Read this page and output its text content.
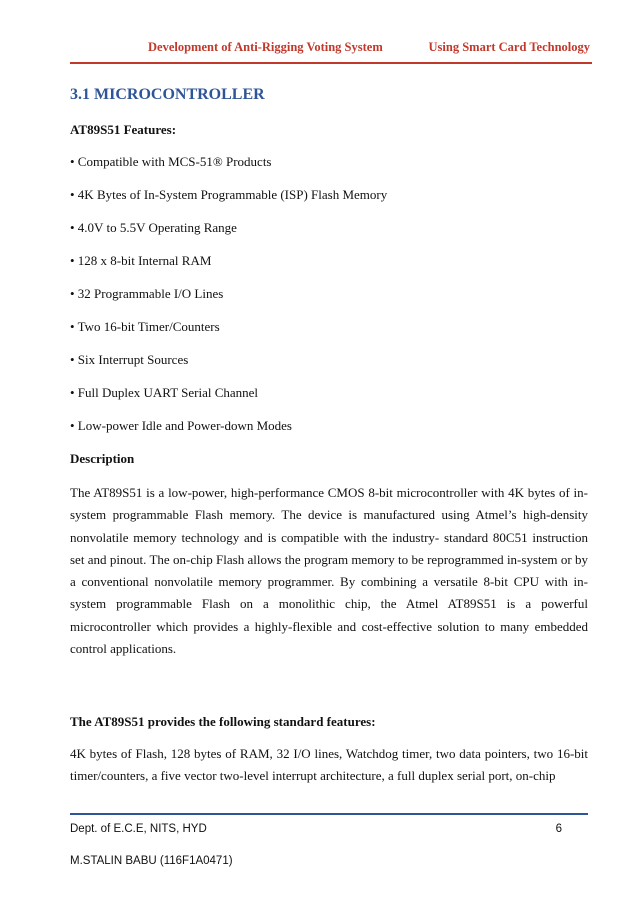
Development of Anti-Rigging Voting System	Using Smart Card Technology
3.1 MICROCONTROLLER
AT89S51 Features:
• Compatible with MCS-51® Products
• 4K Bytes of In-System Programmable (ISP) Flash Memory
• 4.0V to 5.5V Operating Range
• 128 x 8-bit Internal RAM
• 32 Programmable I/O Lines
• Two 16-bit Timer/Counters
• Six Interrupt Sources
• Full Duplex UART Serial Channel
• Low-power Idle and Power-down Modes
Description

The AT89S51 is a low-power, high-performance CMOS 8-bit microcontroller with 4K bytes of in-system programmable Flash memory. The device is manufactured using Atmel’s high-density nonvolatile memory technology and is compatible with the industry- standard 80C51 instruction set and pinout. The on-chip Flash allows the program memory to be reprogrammed in-system or by a conventional nonvolatile memory programmer. By combining a versatile 8-bit CPU with in-system programmable Flash on a monolithic chip, the Atmel AT89S51 is a powerful microcontroller which provides a highly-flexible and cost-effective solution to many embedded control applications.

The AT89S51 provides the following standard features:

4K bytes of Flash, 128 bytes of RAM, 32 I/O lines, Watchdog timer, two data pointers, two 16-bit timer/counters, a five vector two-level interrupt architecture, a full duplex serial port, on-chip

Dept. of E.C.E, NITS, HYD	6
M.STALIN BABU (116F1A0471)
